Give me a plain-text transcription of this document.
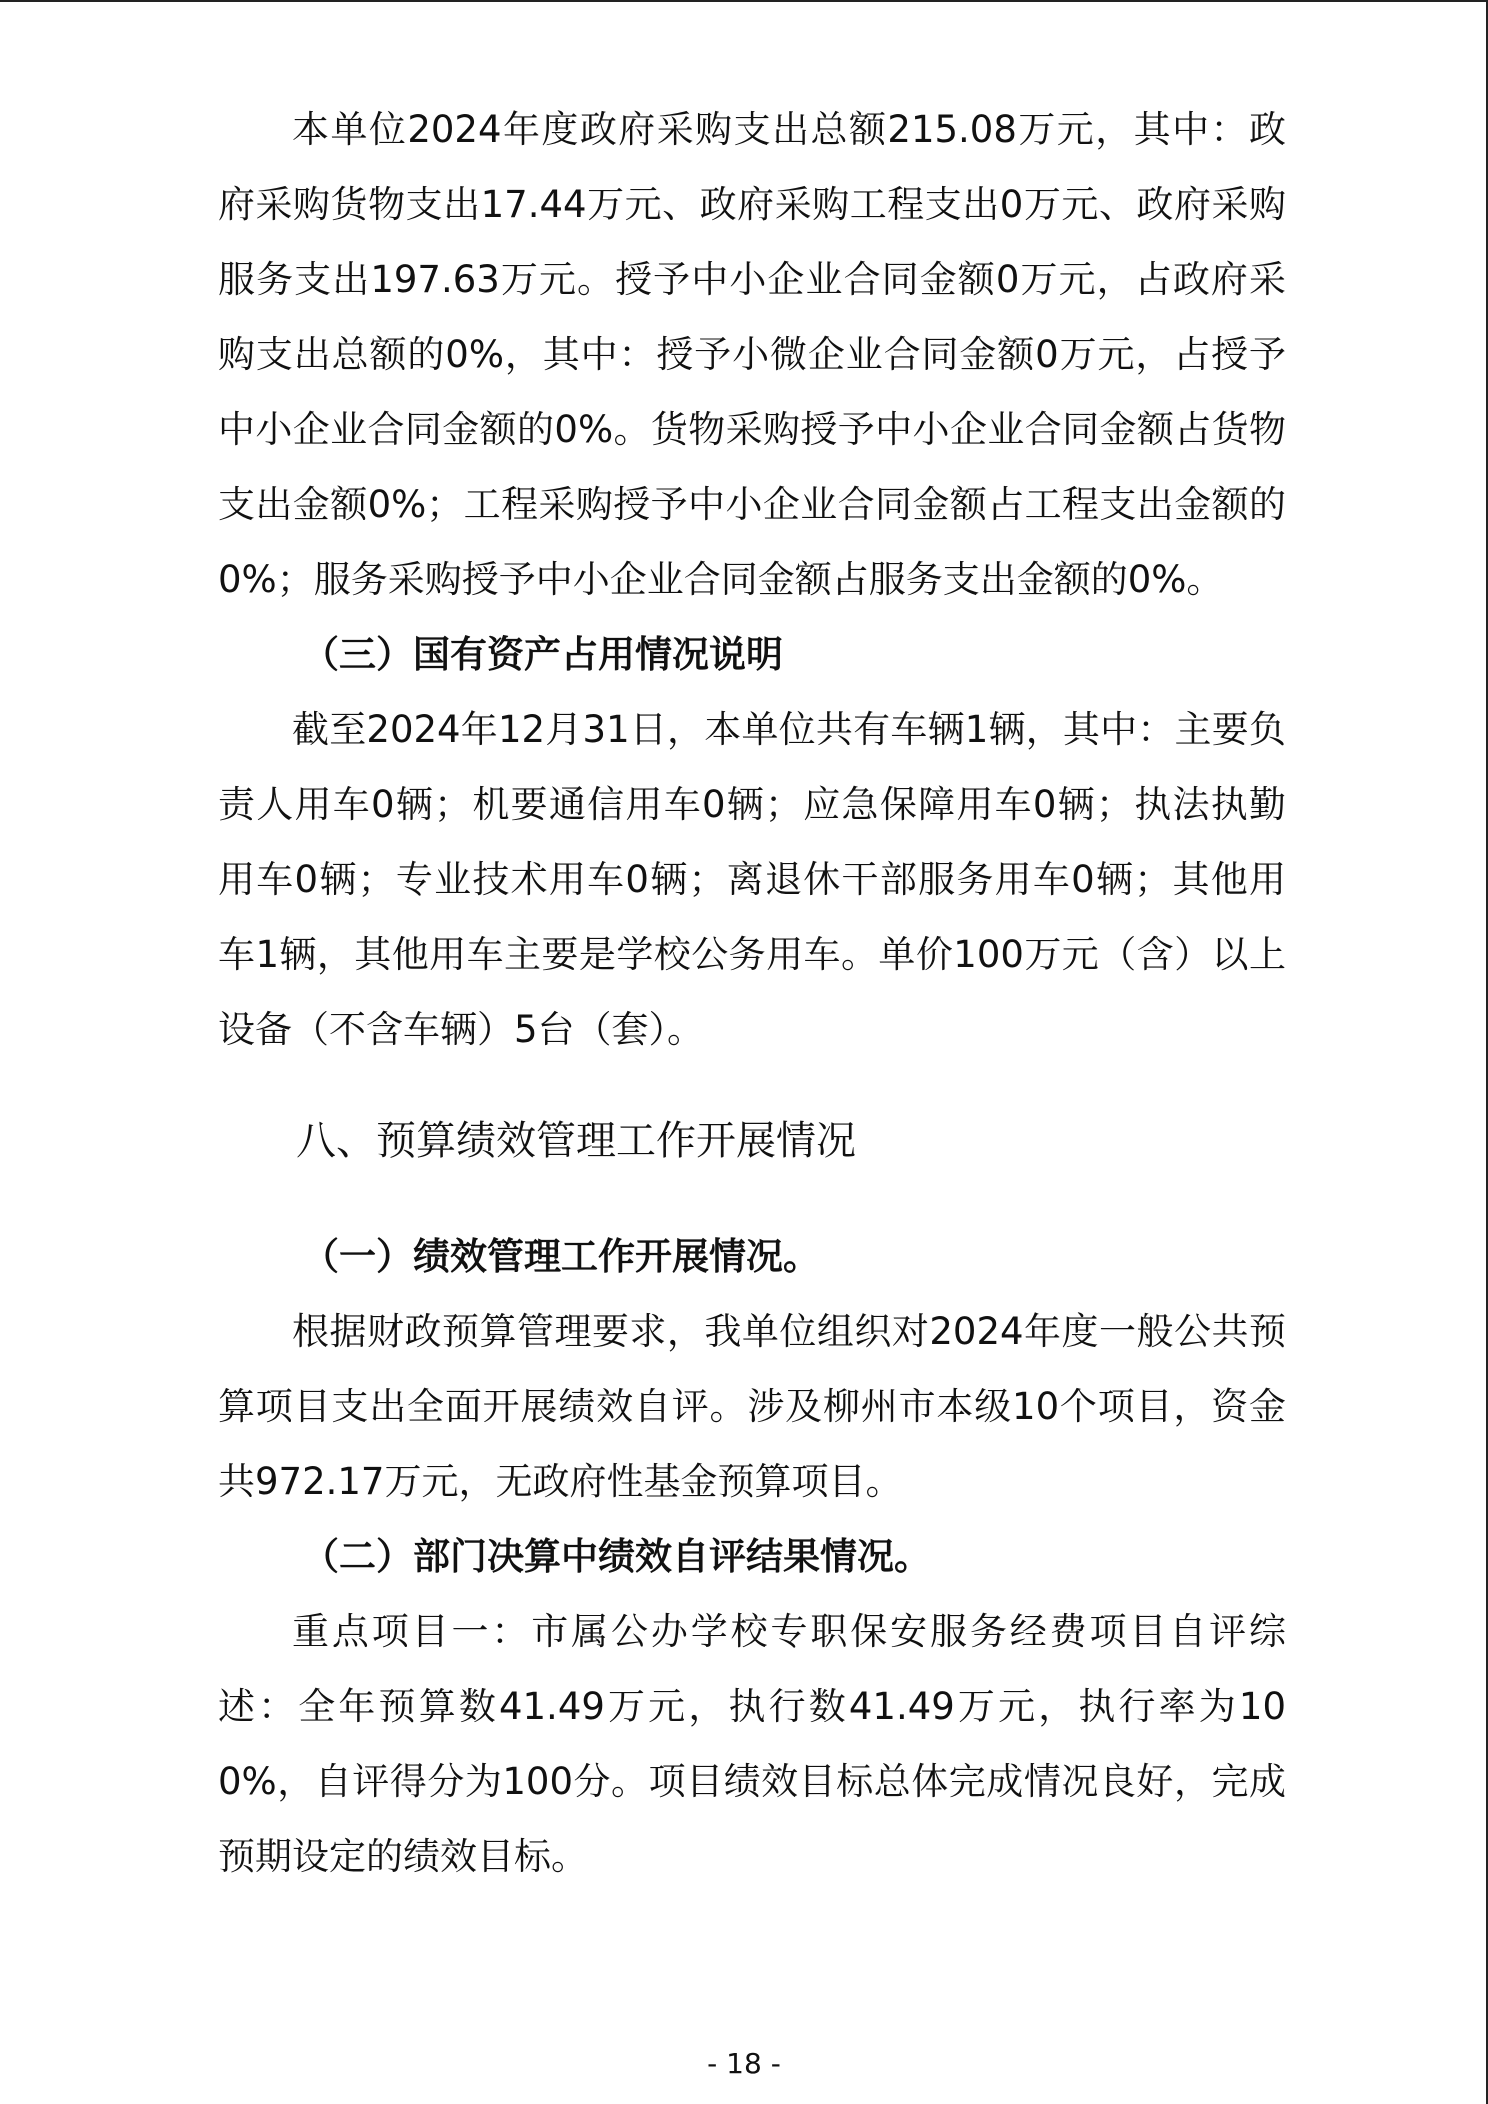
本单位2024年度政府采购支出总额215.08万元，其中：政府采购货物支出17.44万元、政府采购工程支出0万元、政府采购服务支出197.63万元。授予中小企业合同金额0万元，占政府采购支出总额的0%，其中：授予小微企业合同金额0万元，占授予中小企业合同金额的0%。货物采购授予中小企业合同金额占货物支出金额0%；工程采购授予中小企业合同金额占工程支出金额的0%；服务采购授予中小企业合同金额占服务支出金额的0%。

（三）国有资产占用情况说明

截至2024年12月31日，本单位共有车辆1辆，其中：主要负责人用车0辆；机要通信用车0辆；应急保障用车0辆；执法执勤用车0辆；专业技术用车0辆；离退休干部服务用车0辆；其他用车1辆，其他用车主要是学校公务用车。单价100万元（含）以上设备（不含车辆）5台（套）。

八、预算绩效管理工作开展情况

（一）绩效管理工作开展情况。

根据财政预算管理要求，我单位组织对2024年度一般公共预算项目支出全面开展绩效自评。涉及柳州市本级10个项目，资金共972.17万元，无政府性基金预算项目。

（二）部门决算中绩效自评结果情况。

重点项目一：市属公办学校专职保安服务经费项目自评综述：全年预算数41.49万元，执行数41.49万元，执行率为100%，自评得分为100分。项目绩效目标总体完成情况良好，完成预期设定的绩效目标。

- 18 -
